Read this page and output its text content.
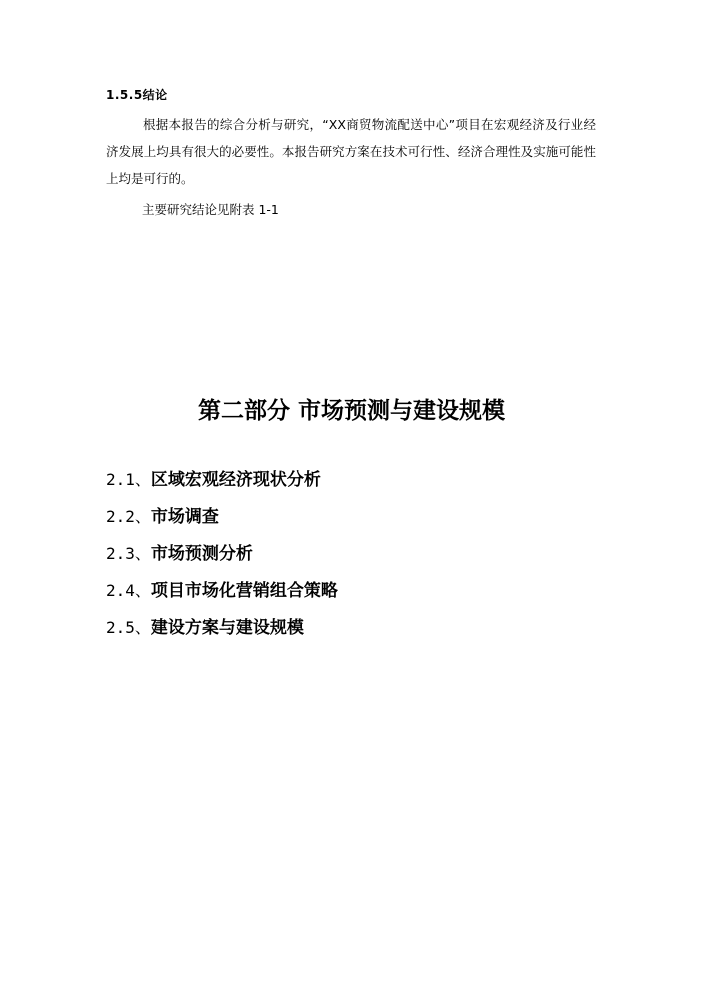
1.5.5结论

根据本报告的综合分析与研究，“XX商贸物流配送中心”项目在宏观经济及行业经济发展上均具有很大的必要性。本报告研究方案在技术可行性、经济合理性及实施可能性上均是可行的。

主要研究结论见附表 1-1
第二部分 市场预测与建设规模
2.1、区域宏观经济现状分析
2.2、市场调查
2.3、市场预测分析
2.4、项目市场化营销组合策略
2.5、建设方案与建设规模
